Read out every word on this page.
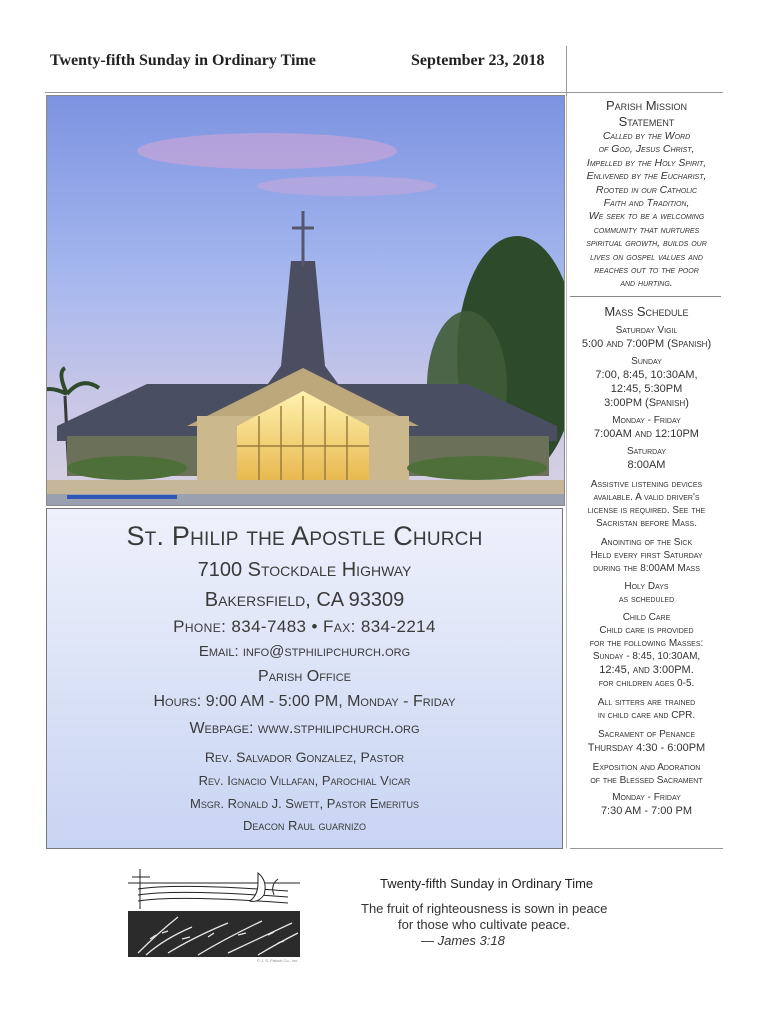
Twenty-fifth Sunday in Ordinary Time	September 23, 2018
St. Philip the Apostle Church
7100 Stockdale Highway
Bakersfield, CA 93309
Phone: 834-7483 • Fax: 834-2214
Email: info@stphilipchurch.org
Parish Office
Hours: 9:00 AM - 5:00 PM, Monday - Friday
Webpage: www.stphilipchurch.org
Rev. Salvador Gonzalez, Pastor
Rev. Ignacio Villafan, Parochial Vicar
Msgr. Ronald J. Swett, Pastor Emeritus
Deacon Raul guarnizo
Parish Mission
Statement
Called by the Word
of God, Jesus Christ,
Impelled by the Holy Spirit,
Enlivened by the Eucharist,
Rooted in our Catholic
Faith and Tradition,
We seek to be a welcoming
community that nurtures
spiritual growth, builds our
lives on gospel values and
reaches out to the poor
and hurting.
Mass Schedule
Saturday Vigil
5:00 and 7:00PM (Spanish)
Sunday
7:00, 8:45, 10:30AM,
12:45, 5:30PM
3:00PM (Spanish)
Monday - Friday
7:00AM and 12:10PM
Saturday
8:00AM
Assistive listening devices
available. A valid driver's
license is required. See the
Sacristan before Mass.
Anointing of the Sick
Held every first Saturday
during the 8:00AM Mass
Holy Days
as scheduled
Child Care
Child care is provided
for the following Masses:
Sunday - 8:45, 10:30AM,
12:45, and 3:00PM.
for children ages 0-5.
All sitters are trained
in child care and CPR.
Sacrament of Penance
Thursday 4:30 - 6:00PM
Exposition and Adoration
of the Blessed Sacrament
Monday - Friday
7:30 AM - 7:00 PM
© J. S. Paluch Co., Inc.
Twenty-fifth Sunday in Ordinary Time
The fruit of righteousness is sown in peace
for those who cultivate peace.
— James 3:18
